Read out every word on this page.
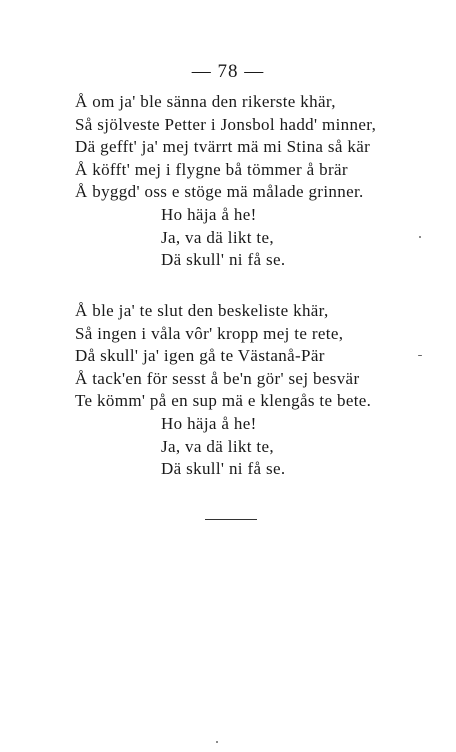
— 78 —
Å om ja' ble sänna den rikerste khär,
Så sjölveste Petter i Jonsbol hadd' minner,
Dä gefft' ja' mej tvärrt mä mi Stina så kär
Å köfft' mej i flygne bå tömmer å brär
Å byggd' oss e stöge mä målade grinner.
Ho häja å he!
Ja, va dä likt te,
Dä skull' ni få se.
Å ble ja' te slut den beskeliste khär,
Så ingen i våla vôr' kropp mej te rete,
Då skull' ja' igen gå te Västanå-Pär
Å tack'en för sesst å be'n gör' sej besvär
Te kömm' på en sup mä e klengås te bete.
Ho häja å he!
Ja, va dä likt te,
Dä skull' ni få se.
